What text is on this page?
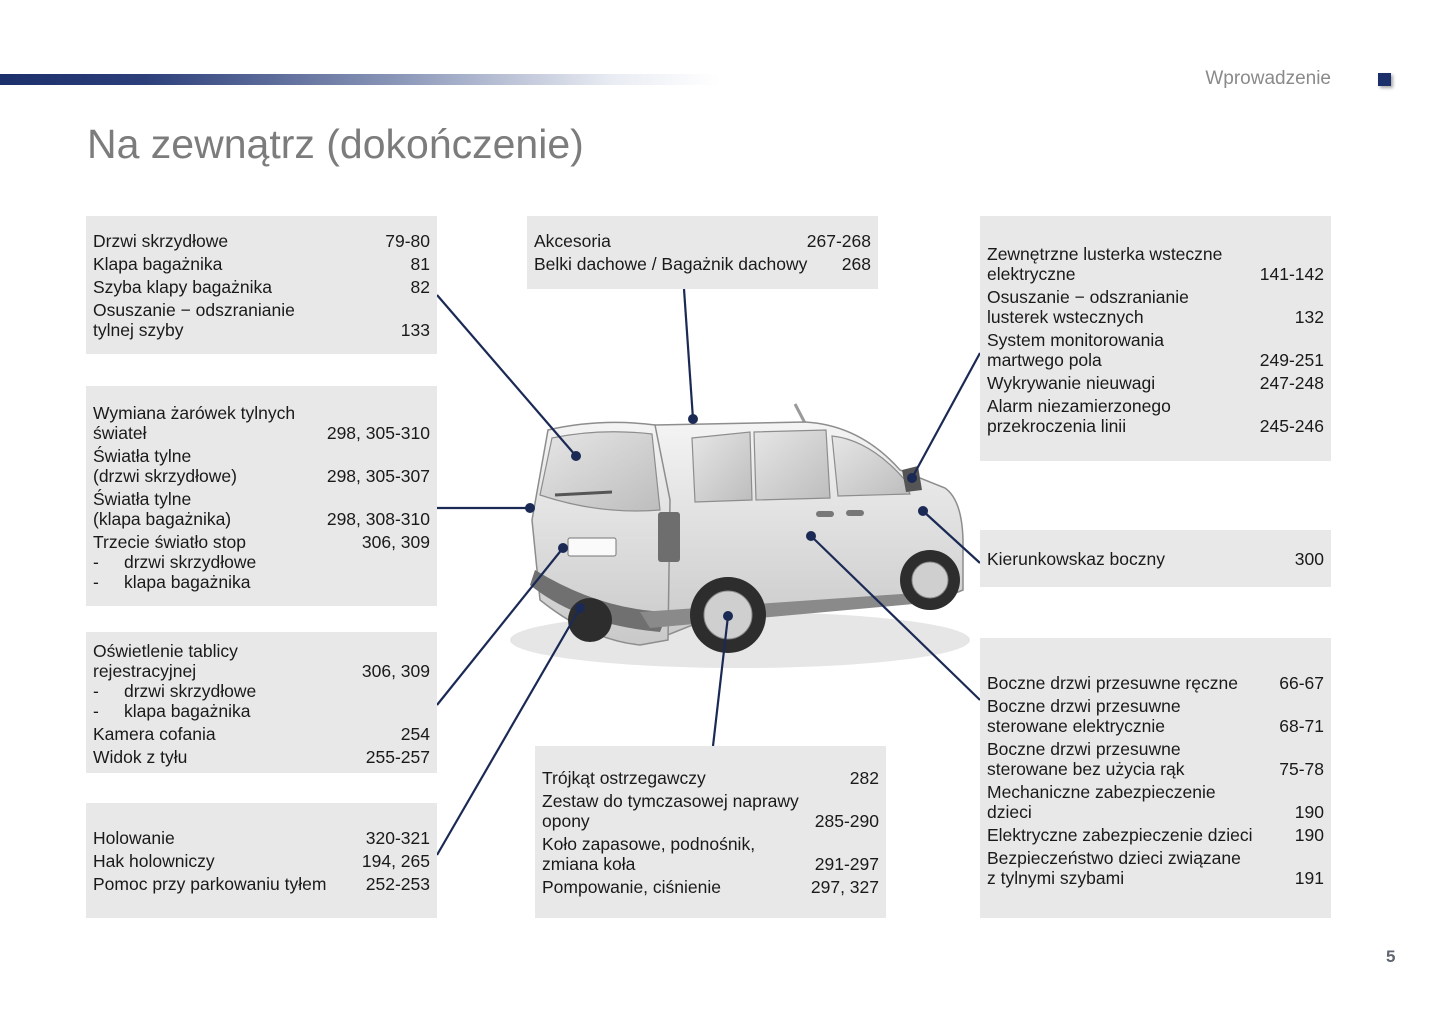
Wprowadzenie
Na zewnątrz (dokończenie)
Drzwi skrzydłowe	79-80
Klapa bagażnika	81
Szyba klapy bagażnika	82
Osuszanie − odszranianie
tylnej szyby	133
Wymiana żarówek tylnych
świateł	298, 305-310
Światła tylne
(drzwi skrzydłowe)	298, 305-307
Światła tylne
(klapa bagażnika)	298, 308-310
Trzecie światło stop	306, 309
-	drzwi skrzydłowe
-	klapa bagażnika
Oświetlenie tablicy
rejestracyjnej	306, 309
-	drzwi skrzydłowe
-	klapa bagażnika
Kamera cofania	254
Widok z tyłu	255-257
Holowanie	320-321
Hak holowniczy	194, 265
Pomoc przy parkowaniu tyłem	252-253
Akcesoria	267-268
Belki dachowe / Bagażnik dachowy	268
Trójkąt ostrzegawczy	282
Zestaw do tymczasowej naprawy
opony	285-290
Koło zapasowe, podnośnik,
zmiana koła	291-297
Pompowanie, ciśnienie	297, 327
Zewnętrzne lusterka wsteczne
elektryczne	141-142
Osuszanie − odszranianie
lusterek wstecznych	132
System monitorowania
martwego pola	249-251
Wykrywanie nieuwagi	247-248
Alarm niezamierzonego
przekroczenia linii	245-246
Kierunkowskaz boczny	300
Boczne drzwi przesuwne ręczne	66-67
Boczne drzwi przesuwne
sterowane elektrycznie	68-71
Boczne drzwi przesuwne
sterowane bez użycia rąk	75-78
Mechaniczne zabezpieczenie
dzieci	190
Elektryczne zabezpieczenie dzieci	190
Bezpieczeństwo dzieci związane
z tylnymi szybami	191
5
